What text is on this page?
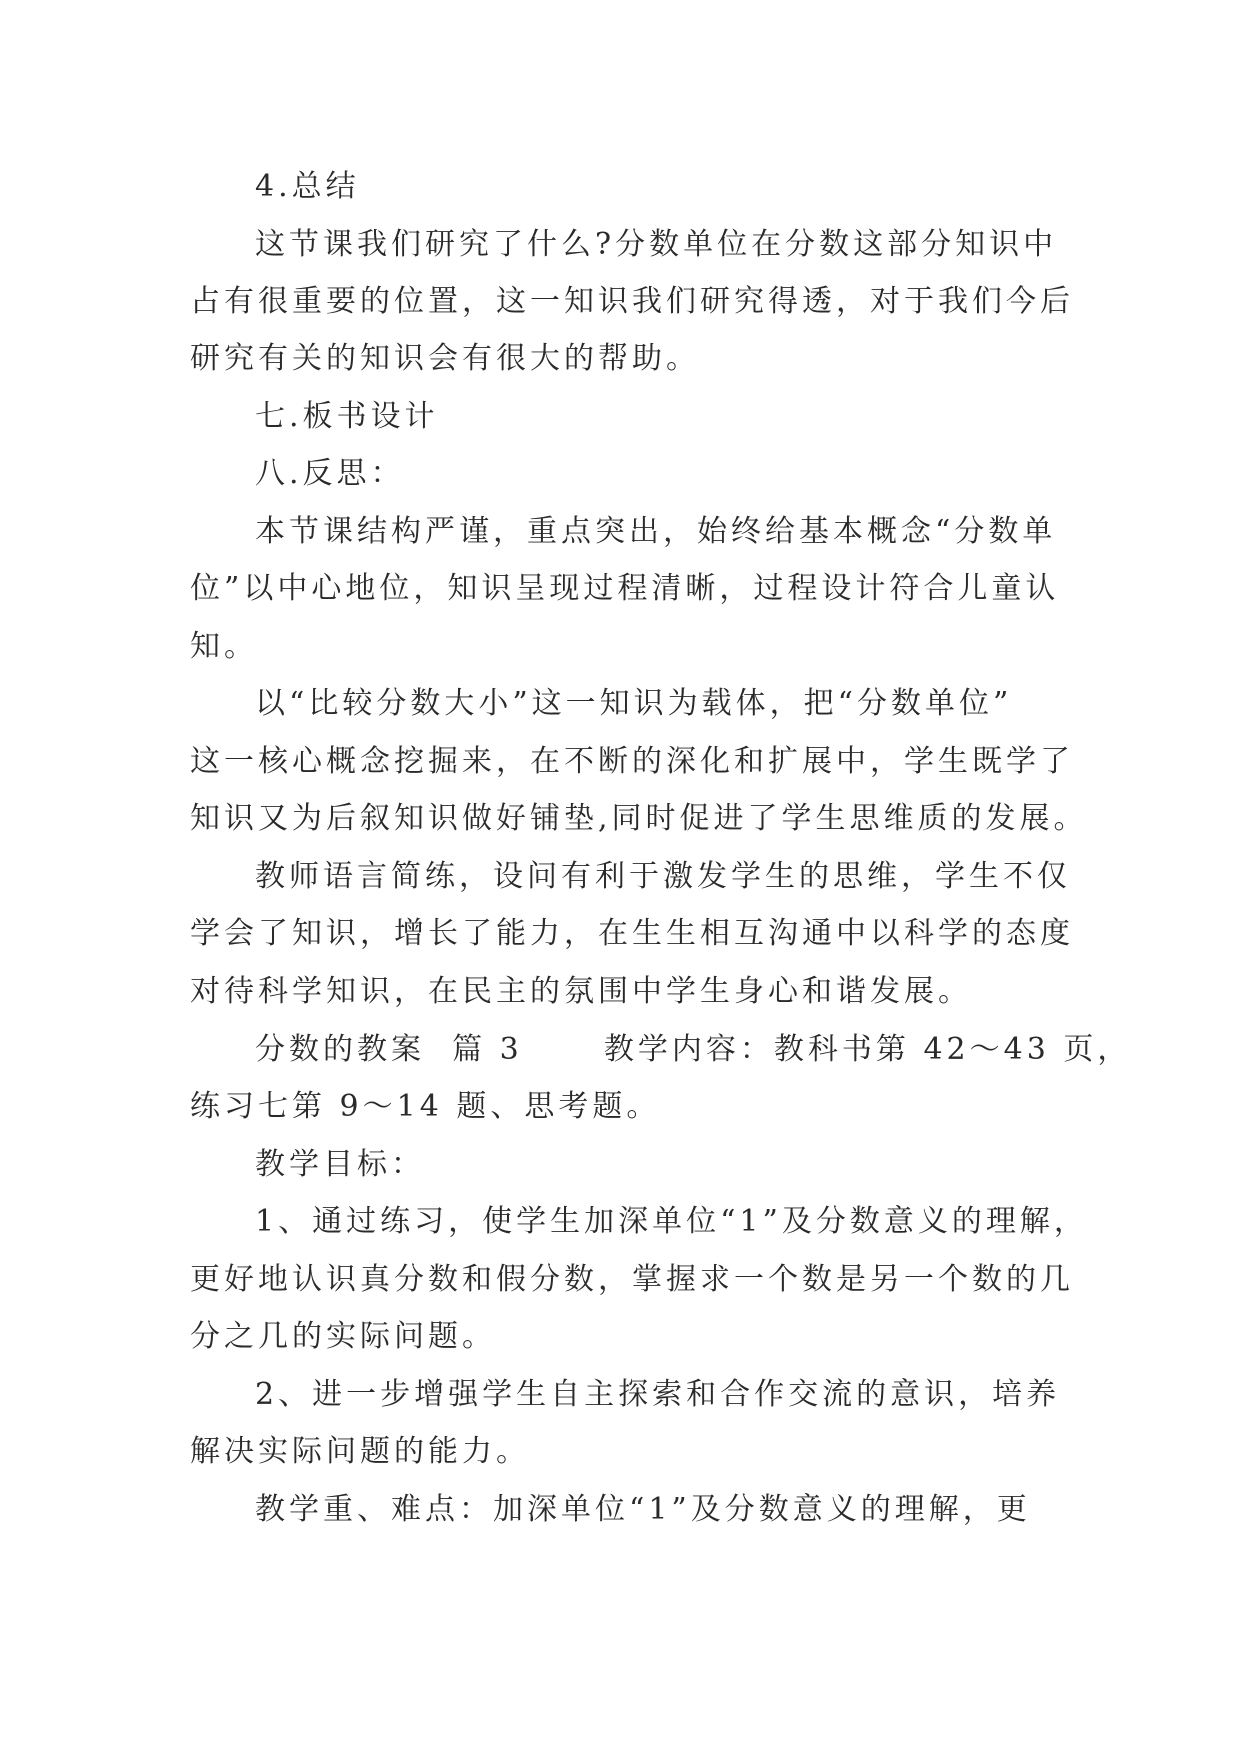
4.总结
这节课我们研究了什么?分数单位在分数这部分知识中
占有很重要的位置，这一知识我们研究得透，对于我们今后
研究有关的知识会有很大的帮助。
七.板书设计
八.反思：
本节课结构严谨，重点突出，始终给基本概念“分数单
位”以中心地位，知识呈现过程清晰，过程设计符合儿童认
知。
以“比较分数大小”这一知识为载体，把“分数单位”
这一核心概念挖掘来，在不断的深化和扩展中，学生既学了
知识又为后叙知识做好铺垫,同时促进了学生思维质的发展。
教师语言简练，设问有利于激发学生的思维，学生不仅
学会了知识，增长了能力，在生生相互沟通中以科学的态度
对待科学知识，在民主的氛围中学生身心和谐发展。
分数的教案  篇 3      教学内容：教科书第 42～43 页，
练习七第 9～14 题、思考题。
教学目标：
1、通过练习，使学生加深单位“1”及分数意义的理解，
更好地认识真分数和假分数，掌握求一个数是另一个数的几
分之几的实际问题。
2、进一步增强学生自主探索和合作交流的意识，培养
解决实际问题的能力。
教学重、难点：加深单位“1”及分数意义的理解，更
